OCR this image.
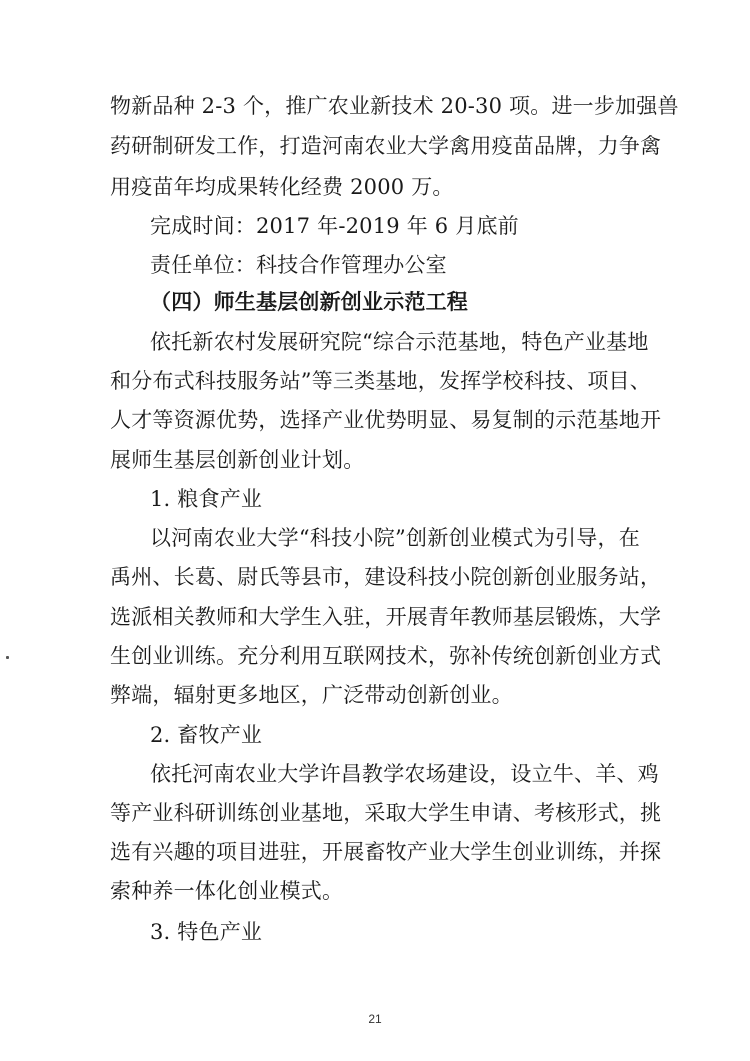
物新品种 2-3 个，推广农业新技术 20-30 项。进一步加强兽
药研制研发工作，打造河南农业大学禽用疫苗品牌，力争禽
用疫苗年均成果转化经费 2000 万。
完成时间：2017 年-2019 年 6 月底前
责任单位：科技合作管理办公室
（四）师生基层创新创业示范工程
依托新农村发展研究院“综合示范基地，特色产业基地
和分布式科技服务站”等三类基地，发挥学校科技、项目、
人才等资源优势，选择产业优势明显、易复制的示范基地开
展师生基层创新创业计划。
1. 粮食产业
以河南农业大学“科技小院”创新创业模式为引导，在
禹州、长葛、尉氏等县市，建设科技小院创新创业服务站，
选派相关教师和大学生入驻，开展青年教师基层锻炼，大学
生创业训练。充分利用互联网技术，弥补传统创新创业方式
弊端，辐射更多地区，广泛带动创新创业。
2. 畜牧产业
依托河南农业大学许昌教学农场建设，设立牛、羊、鸡
等产业科研训练创业基地，采取大学生申请、考核形式，挑
选有兴趣的项目进驻，开展畜牧产业大学生创业训练，并探
索种养一体化创业模式。
3. 特色产业
21
